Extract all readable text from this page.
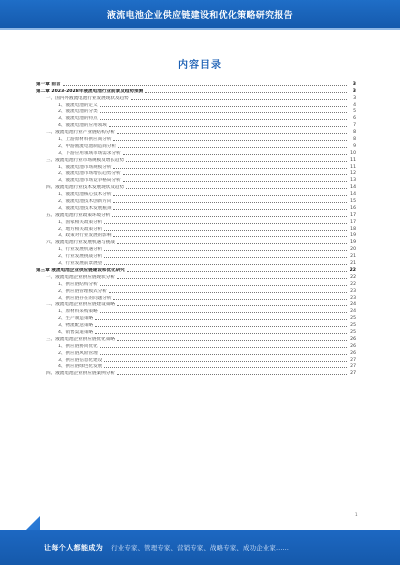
液流电池企业供应链建设和优化策略研究报告
内容目录
第一章 前言	3
第二章 2023-2028年液流电池行业前景及趋势预测	3
一、国内外液流电池行业发展现状及趋势	3
1、液流电池的定义	4
2、液流电池的分类	5
3、液流电池的特点	6
4、液流电池的应用领域	7
二、液流电池行业产业链结构分析	8
1、上游原材料供应商分析	8
2、中游液流电池制造商分析	9
3、下游应用领域市场需求分析	10
三、液流电池行业市场规模及增长趋势	11
1、液流电池市场规模分析	11
2、液流电池市场增长趋势分析	12
3、液流电池市场竞争格局分析	13
四、液流电池行业技术发展现状及趋势	14
1、液流电池核心技术分析	14
2、液流电池技术创新方向	15
3、液流电池技术发展瓶颈	16
五、液流电池行业政策环境分析	17
1、国家相关政策分析	17
2、地方相关政策分析	18
3、政策对行业发展的影响	19
六、液流电池行业发展机遇与挑战	19
1、行业发展机遇分析	20
2、行业发展挑战分析	21
3、行业发展前景展望	21
第三章 液流电池企业供应链建设和优化研究	22
一、液流电池企业供应链现状分析	22
1、供应链结构分析	22
2、供应链管理模式分析	23
3、供应链存在的问题分析	23
二、液流电池企业供应链建设策略	24
1、原材料采购策略	24
2、生产制造策略	25
3、物流配送策略	25
4、销售渠道策略	25
三、液流电池企业供应链优化策略	26
1、供应链协同优化	26
2、供应链风险管理	26
3、供应链信息化建设	27
4、供应链绿色化发展	27
四、液流电池企业供应链案例分析	27
1
让每个人都能成为 行业专家、管理专家、营销专家、战略专家、成功企业家……
